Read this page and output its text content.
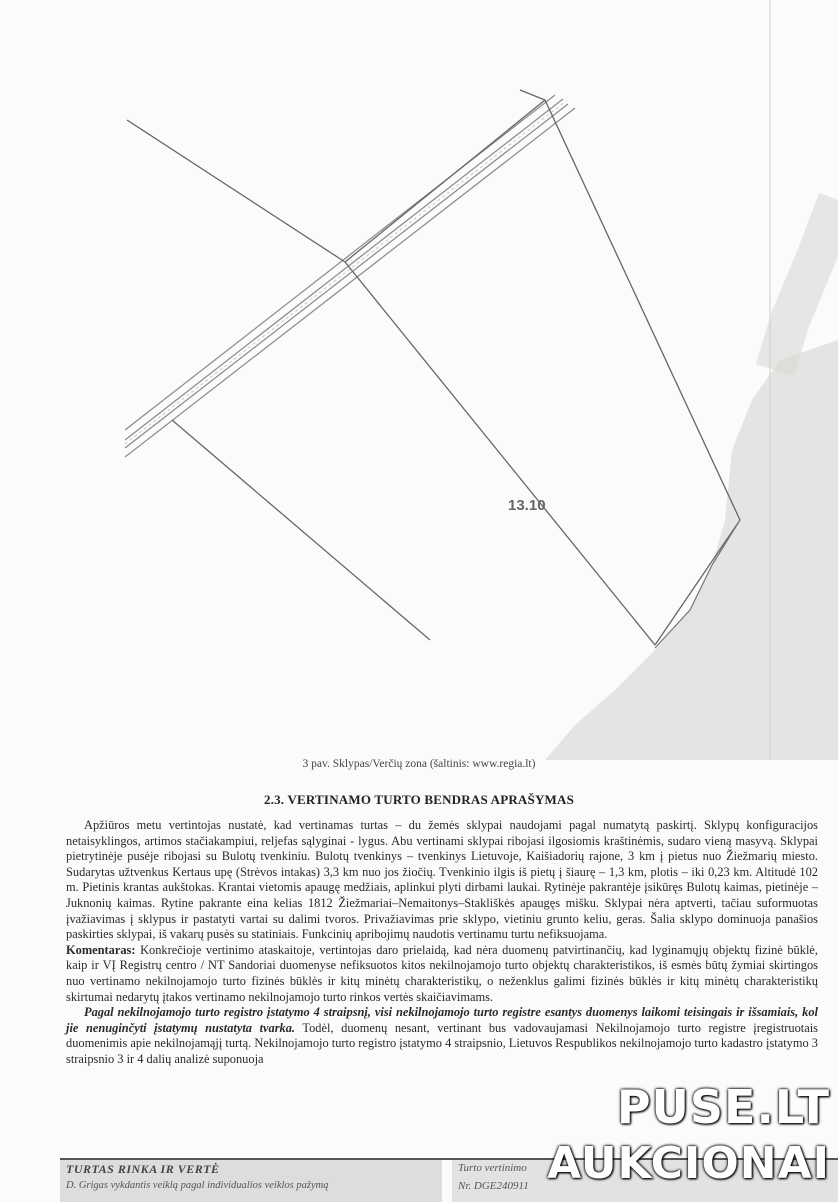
13.10
3 pav. Sklypas/Verčių zona (šaltinis: www.regia.lt)
2.3. VERTINAMO TURTO BENDRAS APRAŠYMAS

Apžiūros metu vertintojas nustatė, kad vertinamas turtas – du žemės sklypai naudojami pagal numatytą paskirtį. Sklypų konfiguracijos netaisyklingos, artimos stačiakampiui, reljefas sąlyginai - lygus. Abu vertinami sklypai ribojasi ilgosiomis kraštinėmis, sudaro vieną masyvą. Sklypai pietrytinėje pusėje ribojasi su Bulotų tvenkiniu. Bulotų tvenkinys – tvenkinys Lietuvoje, Kaišiadorių rajone, 3 km į pietus nuo Žiežmarių miesto. Sudarytas užtvenkus Kertaus upę (Strėvos intakas) 3,3 km nuo jos žiočių. Tvenkinio ilgis iš pietų į šiaurę – 1,3 km, plotis – iki 0,23 km. Altitudė 102 m. Pietinis krantas aukštokas. Krantai vietomis apaugę medžiais, aplinkui plyti dirbami laukai. Rytinėje pakrantėje įsikūręs Bulotų kaimas, pietinėje – Juknonių kaimas. Rytine pakrante eina kelias 1812 Žiežmariai–Nemaitonys–Stakliškės apaugęs mišku. Sklypai nėra aptverti, tačiau suformuotas įvažiavimas į sklypus ir pastatyti vartai su dalimi tvoros. Privažiavimas prie sklypo, vietiniu grunto keliu, geras. Šalia sklypo dominuoja panašios paskirties sklypai, iš vakarų pusės su statiniais. Funkcinių apribojimų naudotis vertinamu turtu nefiksuojama.

Komentaras: Konkrečioje vertinimo ataskaitoje, vertintojas daro prielaidą, kad nėra duomenų patvirtinančių, kad lyginamųjų objektų fizinė būklė, kaip ir VĮ Registrų centro / NT Sandoriai duomenyse nefiksuotos kitos nekilnojamojo turto objektų charakteristikos, iš esmės būtų žymiai skirtingos nuo vertinamo nekilnojamojo turto fizinės būklės ir kitų minėtų charakteristikų, o neženklus galimi fizinės būklės ir kitų minėtų charakteristikų skirtumai nedarytų įtakos vertinamo nekilnojamojo turto rinkos vertės skaičiavimams.

Pagal nekilnojamojo turto registro įstatymo 4 straipsnį, visi nekilnojamojo turto registre esantys duomenys laikomi teisingais ir išsamiais, kol jie nenuginčyti įstatymų nustatyta tvarka. Todėl, duomenų nesant, vertinant bus vadovaujamasi Nekilnojamojo turto registre įregistruotais duomenimis apie nekilnojamąjį turtą. Nekilnojamojo turto registro įstatymo 4 straipsnio, Lietuvos Respublikos nekilnojamojo turto kadastro įstatymo 3 straipsnio 3 ir 4 dalių analizė suponuoja

TURTAS RINKA IR VERTĖ
D. Grigas vykdantis veiklą pagal individualios veiklos pažymą
Turto vertinimo
Nr. DGE240911
PUSE.LT
AUKCIONAI
